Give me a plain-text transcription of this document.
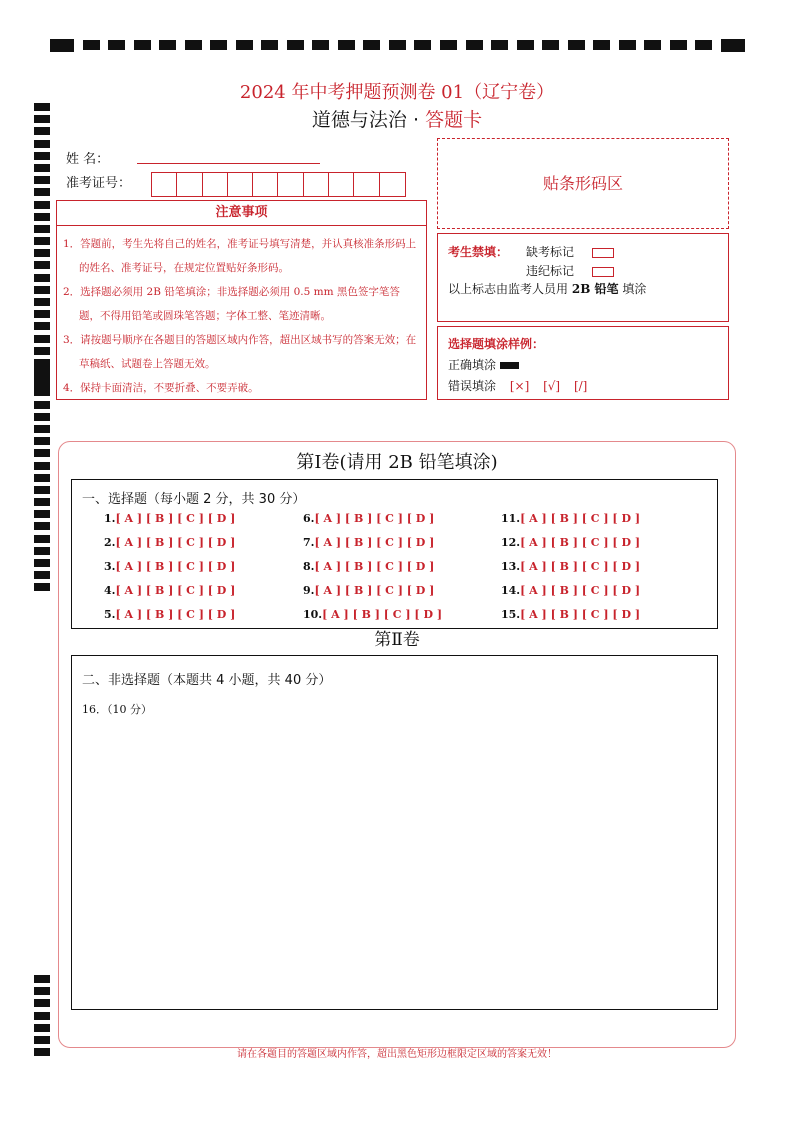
2024 年中考押题预测卷 01（辽宁卷）
道德与法治 · 答题卡
姓 名：
准考证号：
注意事项
1．答题前，考生先将自己的姓名，准考证号填写清楚，并认真核准条形码上的姓名、准考证号，在规定位置贴好条形码。
2．选择题必须用 2B 铅笔填涂；非选择题必须用 0.5 mm 黑色签字笔答题，不得用铅笔或圆珠笔答题；字体工整、笔迹清晰。
3．请按题号顺序在各题目的答题区域内作答，超出区域书写的答案无效；在草稿纸、试题卷上答题无效。
4．保持卡面清洁，不要折叠、不要弄破。
贴条形码区
考生禁填： 缺考标记
违纪标记
以上标志由监考人员用 2B 铅笔 填涂
选择题填涂样例：
正确填涂
错误填涂 [×] [√] [/]
第Ⅰ卷(请用 2B 铅笔填涂)
一、选择题（每小题 2 分，共 30 分）
1.[ A ] [ B ] [ C ] [ D ]
2.[ A ] [ B ] [ C ] [ D ]
3.[ A ] [ B ] [ C ] [ D ]
4.[ A ] [ B ] [ C ] [ D ]
5.[ A ] [ B ] [ C ] [ D ]
6.[ A ] [ B ] [ C ] [ D ]
7.[ A ] [ B ] [ C ] [ D ]
8.[ A ] [ B ] [ C ] [ D ]
9.[ A ] [ B ] [ C ] [ D ]
10.[ A ] [ B ] [ C ] [ D ]
11.[ A ] [ B ] [ C ] [ D ]
12.[ A ] [ B ] [ C ] [ D ]
13.[ A ] [ B ] [ C ] [ D ]
14.[ A ] [ B ] [ C ] [ D ]
15.[ A ] [ B ] [ C ] [ D ]
第Ⅱ卷
二、非选择题（本题共 4 小题，共 40 分）
16．（10 分）
请在各题目的答题区域内作答，超出黑色矩形边框限定区域的答案无效！
